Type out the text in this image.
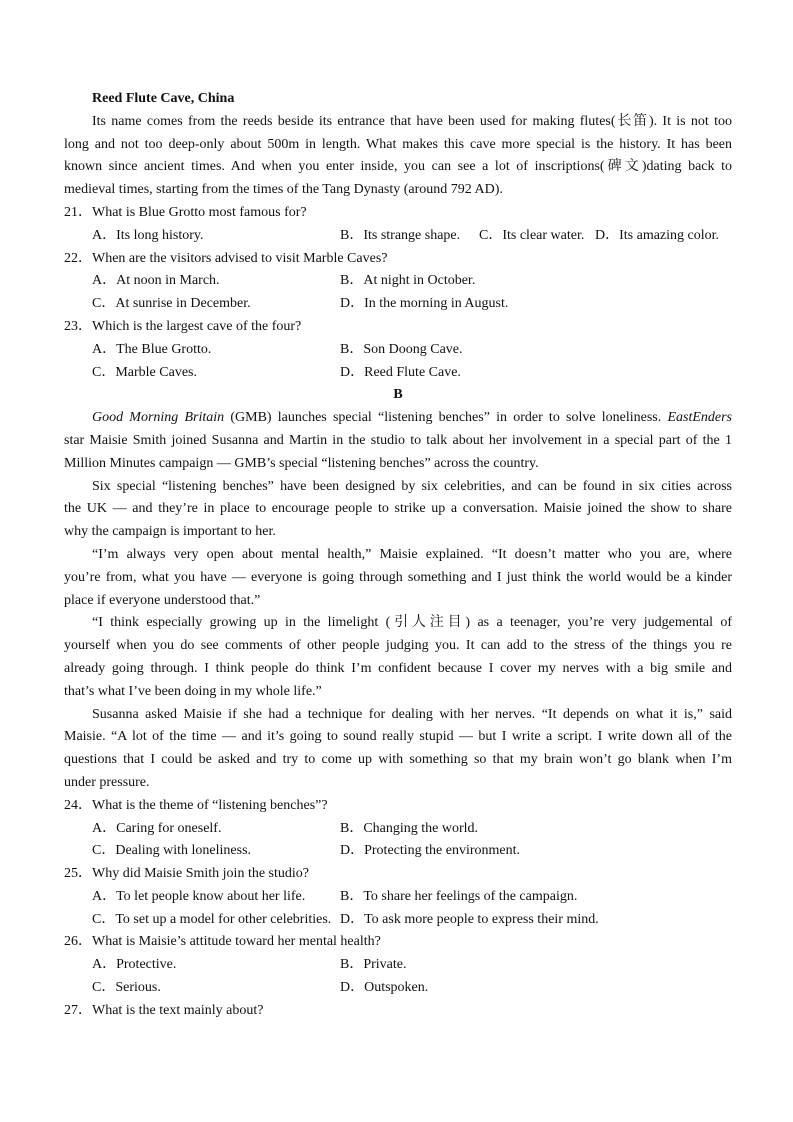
Reed Flute Cave, China
Its name comes from the reeds beside its entrance that have been used for making flutes(长笛). It is not too
long and not too deep-only about 500m in length. What makes this cave more special is the history. It has been
known since ancient times. And when you enter inside, you can see a lot of inscriptions(碑文)dating back to
medieval times, starting from the times of the Tang Dynasty (around 792 AD).
21．What is Blue Grotto most famous for?
A．Its long history.	B．Its strange shape. C．Its clear water. D．Its amazing color.
22．When are the visitors advised to visit Marble Caves?
A．At noon in March.	B．At night in October.
C．At sunrise in December.	D．In the morning in August.
23．Which is the largest cave of the four?
A．The Blue Grotto.	B．Son Doong Cave.
C．Marble Caves.	D．Reed Flute Cave.
B
Good Morning Britain (GMB) launches special “listening benches” in order to solve loneliness. EastEnders
star Maisie Smith joined Susanna and Martin in the studio to talk about her involvement in a special part of the 1
Million Minutes campaign — GMB’s special “listening benches” across the country.
Six special “listening benches” have been designed by six celebrities, and can be found in six cities across
the UK — and they’re in place to encourage people to strike up a conversation. Maisie joined the show to share
why the campaign is important to her.
“I’m always very open about mental health,” Maisie explained. “It doesn’t matter who you are, where
you’re from, what you have — everyone is going through something and I just think the world would be a kinder
place if everyone understood that.”
“I think especially growing up in the limelight (引人注目) as a teenager, you’re very judgemental of
yourself when you do see comments of other people judging you. It can add to the stress of the things you re
already going through. I think people do think I’m confident because I cover my nerves with a big smile and
that’s what I’ve been doing in my whole life.”
Susanna asked Maisie if she had a technique for dealing with her nerves. “It depends on what it is,” said
Maisie. “A lot of the time — and it’s going to sound really stupid — but I write a script. I write down all of the
questions that I could be asked and try to come up with something so that my brain won’t go blank when I’m
under pressure.
24．What is the theme of “listening benches”?
A．Caring for oneself.	B．Changing the world.
C．Dealing with loneliness.	D．Protecting the environment.
25．Why did Maisie Smith join the studio?
A．To let people know about her life. B．To share her feelings of the campaign.
C．To set up a model for other celebrities. D．To ask more people to express their mind.
26．What is Maisie’s attitude toward her mental health?
A．Protective.	B．Private.
C．Serious.	D．Outspoken.
27．What is the text mainly about?
